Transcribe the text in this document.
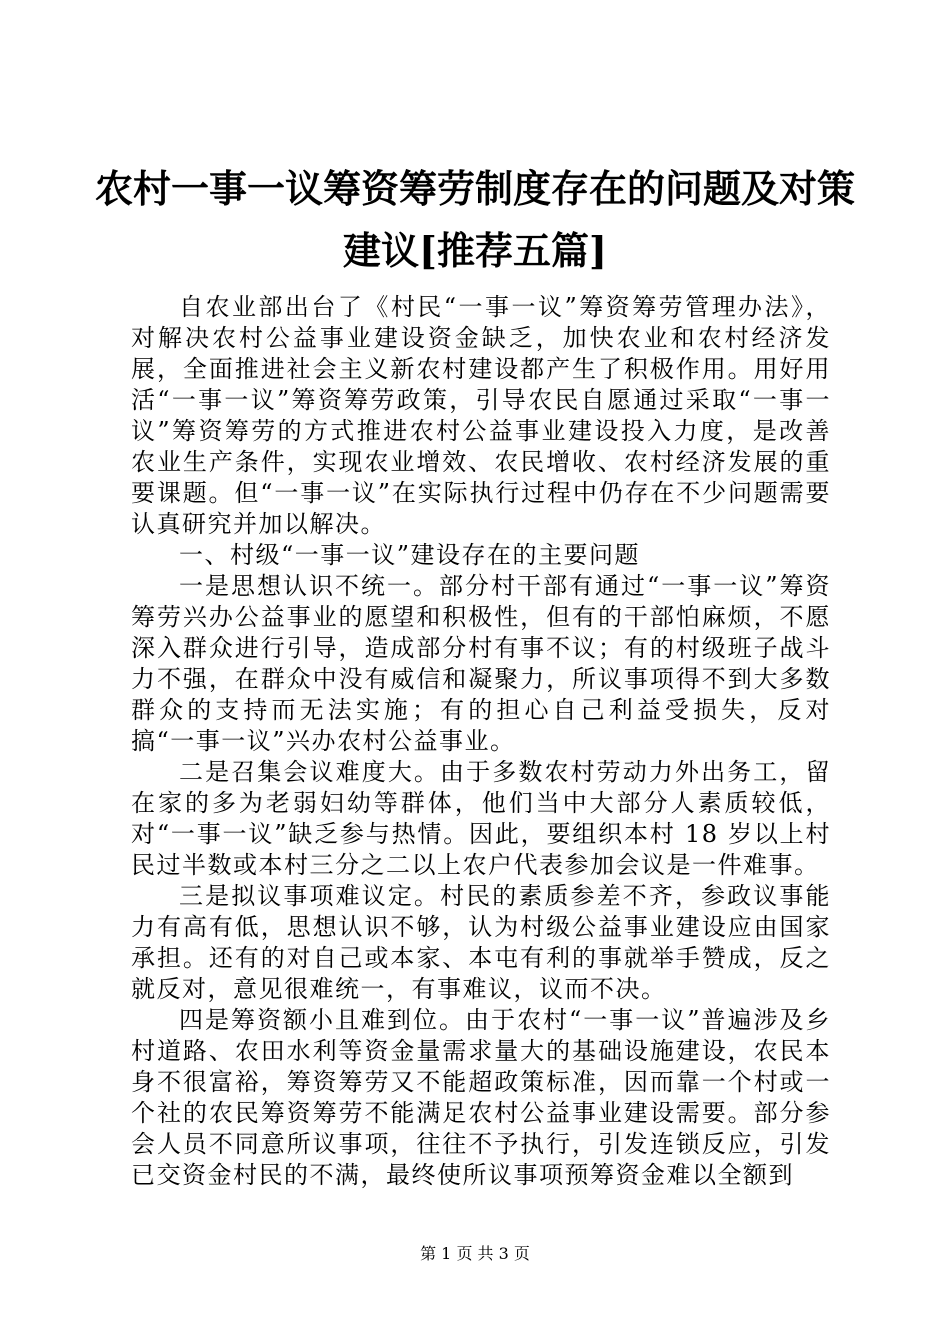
农村一事一议筹资筹劳制度存在的问题及对策
建议[推荐五篇]

自农业部出台了《村民“一事一议”筹资筹劳管理办法》，对解决农村公益事业建设资金缺乏，加快农业和农村经济发展，全面推进社会主义新农村建设都产生了积极作用。用好用活“一事一议”筹资筹劳政策，引导农民自愿通过采取“一事一议”筹资筹劳的方式推进农村公益事业建设投入力度，是改善农业生产条件，实现农业增效、农民增收、农村经济发展的重要课题。但“一事一议”在实际执行过程中仍存在不少问题需要认真研究并加以解决。

一、村级“一事一议”建设存在的主要问题

一是思想认识不统一。部分村干部有通过“一事一议”筹资筹劳兴办公益事业的愿望和积极性，但有的干部怕麻烦，不愿深入群众进行引导，造成部分村有事不议；有的村级班子战斗力不强，在群众中没有威信和凝聚力，所议事项得不到大多数群众的支持而无法实施；有的担心自己利益受损失，反对搞“一事一议”兴办农村公益事业。

二是召集会议难度大。由于多数农村劳动力外出务工，留在家的多为老弱妇幼等群体，他们当中大部分人素质较低，对“一事一议”缺乏参与热情。因此，要组织本村 18 岁以上村民过半数或本村三分之二以上农户代表参加会议是一件难事。

三是拟议事项难议定。村民的素质参差不齐，参政议事能力有高有低，思想认识不够，认为村级公益事业建设应由国家承担。还有的对自己或本家、本屯有利的事就举手赞成，反之就反对，意见很难统一，有事难议，议而不决。

四是筹资额小且难到位。由于农村“一事一议”普遍涉及乡村道路、农田水利等资金量需求量大的基础设施建设，农民本身不很富裕，筹资筹劳又不能超政策标准，因而靠一个村或一个社的农民筹资筹劳不能满足农村公益事业建设需要。部分参会人员不同意所议事项，往往不予执行，引发连锁反应，引发已交资金村民的不满，最终使所议事项预筹资金难以全额到

第 1 页 共 3 页
